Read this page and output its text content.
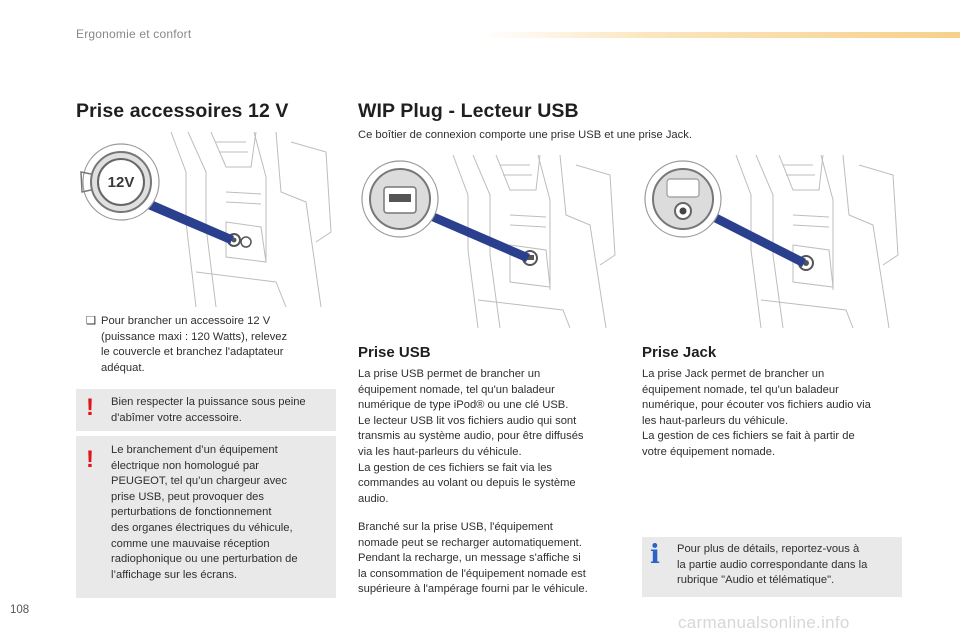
Ergonomie et confort
Prise accessoires 12 V
12V
❑ Pour brancher un accessoire 12 V
(puissance maxi : 120 Watts), relevez
le couvercle et branchez l'adaptateur
adéquat.
! Bien respecter la puissance sous peine
d'abîmer votre accessoire.
! Le branchement d’un équipement
électrique non homologué par
PEUGEOT, tel qu’un chargeur avec
prise USB, peut provoquer des
perturbations de fonctionnement
des organes électriques du véhicule,
comme une mauvaise réception
radiophonique ou une perturbation de
l’affichage sur les écrans.
WIP Plug - Lecteur USB
Ce boîtier de connexion comporte une prise USB et une prise Jack.
Prise USB
La prise USB permet de brancher un
équipement nomade, tel qu'un baladeur
numérique de type iPod® ou une clé USB.
Le lecteur USB lit vos fichiers audio qui sont
transmis au système audio, pour être diffusés
via les haut-parleurs du véhicule.
La gestion de ces fichiers se fait via les
commandes au volant ou depuis le système
audio.
Branché sur la prise USB, l'équipement
nomade peut se recharger automatiquement.
Pendant la recharge, un message s'affiche si
la consommation de l'équipement nomade est
supérieure à l'ampérage fourni par le véhicule.
Prise Jack
La prise Jack permet de brancher un
équipement nomade, tel qu'un baladeur
numérique, pour écouter vos fichiers audio via
les haut-parleurs du véhicule.
La gestion de ces fichiers se fait à partir de
votre équipement nomade.
i Pour plus de détails, reportez-vous à
la partie audio correspondante dans la
rubrique "Audio et télématique".
108
carmanualsonline.info
